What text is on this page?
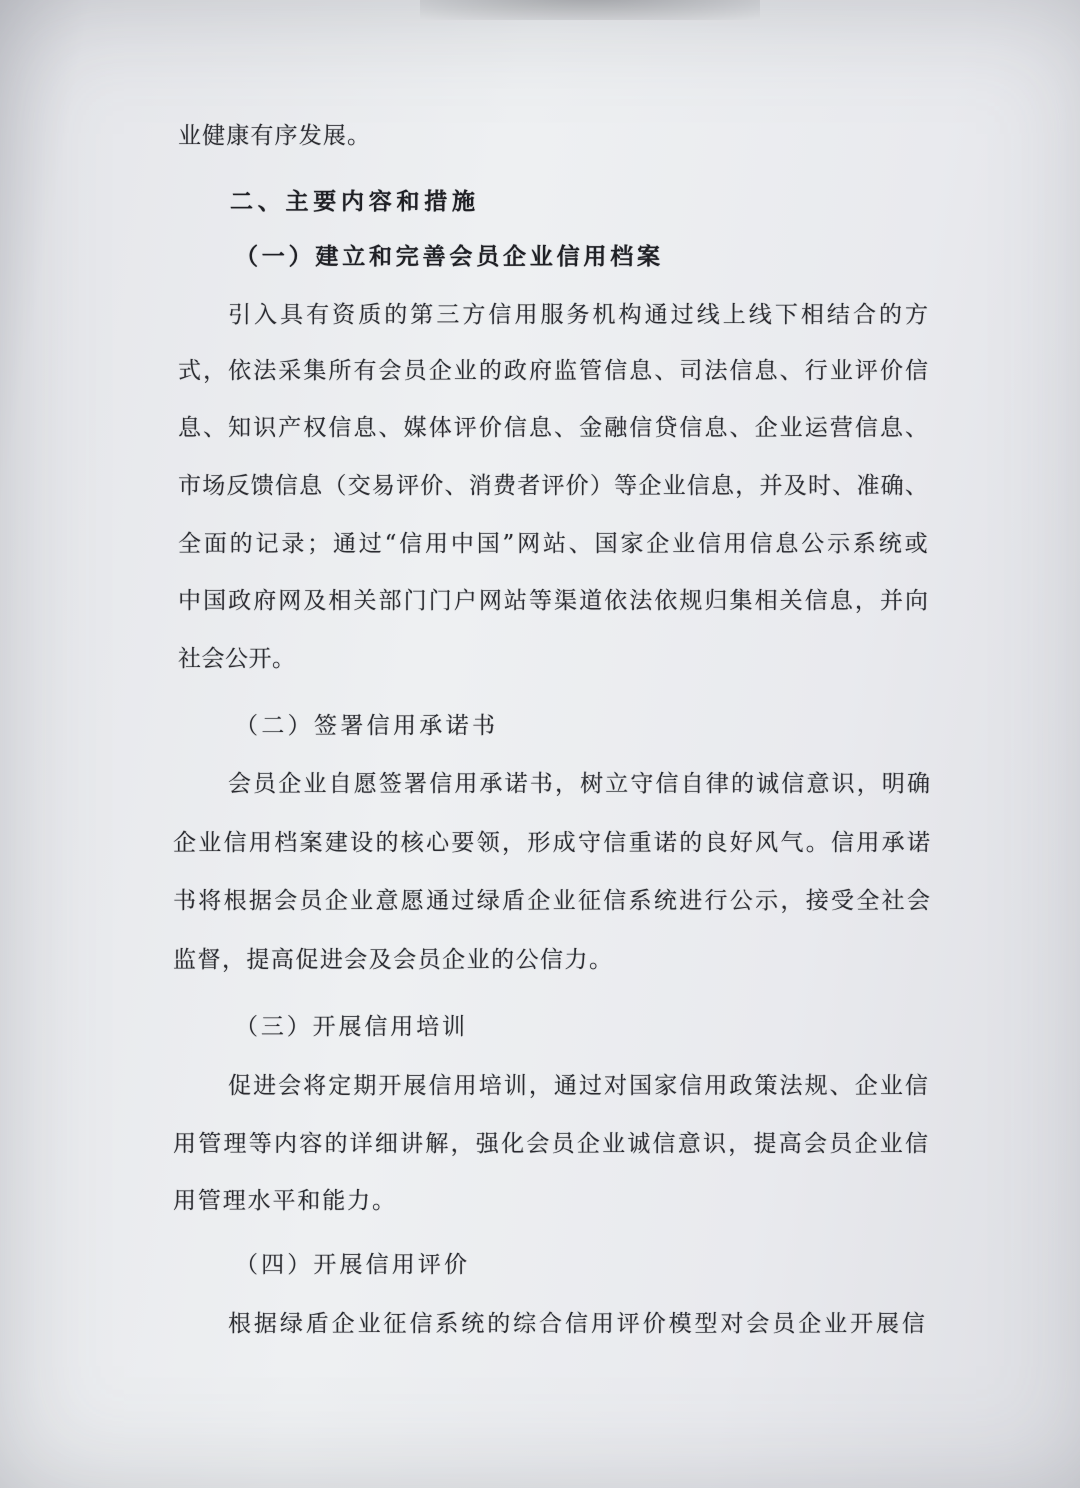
业健康有序发展。
二、主要内容和措施
（一）建立和完善会员企业信用档案
引入具有资质的第三方信用服务机构通过线上线下相结合的方
式，依法采集所有会员企业的政府监管信息、司法信息、行业评价信
息、知识产权信息、媒体评价信息、金融信贷信息、企业运营信息、
市场反馈信息（交易评价、消费者评价）等企业信息，并及时、准确、
全面的记录；通过“信用中国”网站、国家企业信用信息公示系统或
中国政府网及相关部门门户网站等渠道依法依规归集相关信息，并向
社会公开。
（二）签署信用承诺书
会员企业自愿签署信用承诺书，树立守信自律的诚信意识，明确
企业信用档案建设的核心要领，形成守信重诺的良好风气。信用承诺
书将根据会员企业意愿通过绿盾企业征信系统进行公示，接受全社会
监督，提高促进会及会员企业的公信力。
（三）开展信用培训
促进会将定期开展信用培训，通过对国家信用政策法规、企业信
用管理等内容的详细讲解，强化会员企业诚信意识，提高会员企业信
用管理水平和能力。
（四）开展信用评价
根据绿盾企业征信系统的综合信用评价模型对会员企业开展信
